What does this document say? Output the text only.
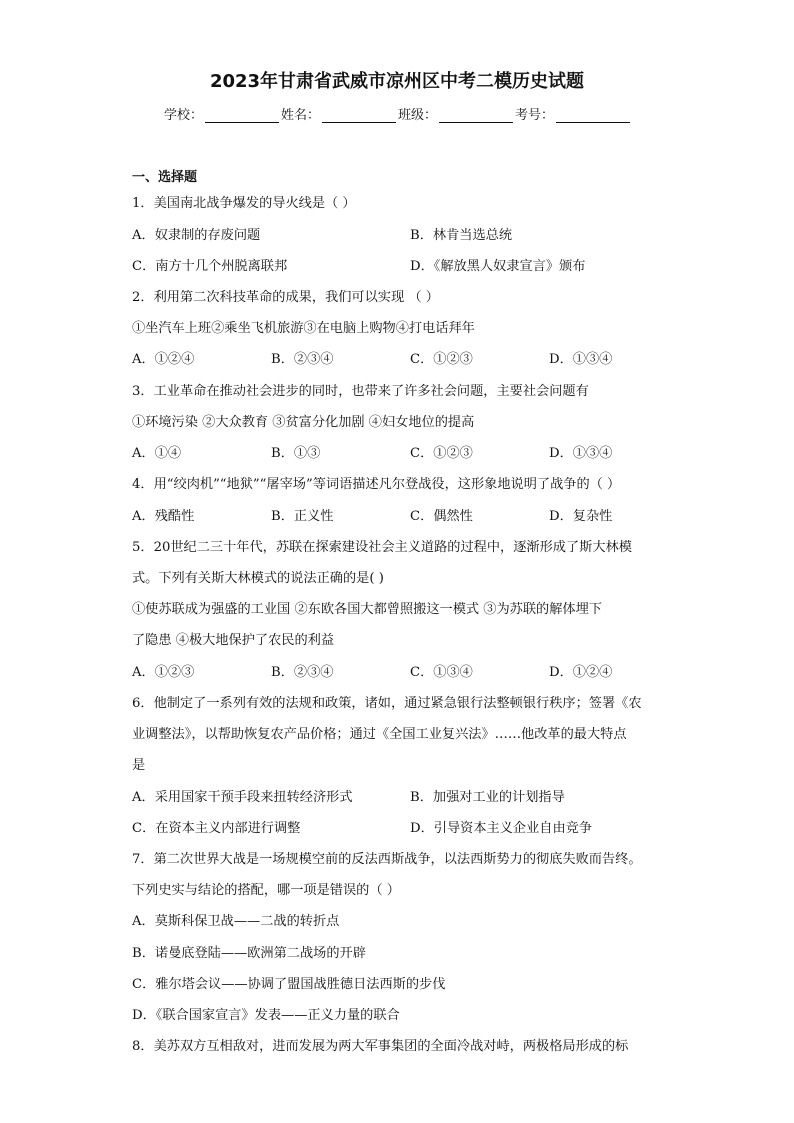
2023年甘肃省武威市凉州区中考二模历史试题
学校：	姓名：	班级：	考号：
一、选择题
1．美国南北战争爆发的导火线是（ ）
A．奴隶制的存废问题	B．林肯当选总统
C．南方十几个州脱离联邦	D．《解放黑人奴隶宣言》颁布
2．利用第二次科技革命的成果，我们可以实现 （ ）
①坐汽车上班②乘坐飞机旅游③在电脑上购物④打电话拜年
A．①②④	B．②③④	C．①②③	D．①③④
3．工业革命在推动社会进步的同时，也带来了许多社会问题，主要社会问题有
①环境污染 ②大众教育 ③贫富分化加剧 ④妇女地位的提高
A．①④	B．①③	C．①②③	D．①③④
4．用“绞肉机”“地狱”“屠宰场”等词语描述凡尔登战役，这形象地说明了战争的（ ）
A．残酷性	B．正义性	C．偶然性	D．复杂性
5．20世纪二三十年代，苏联在探索建设社会主义道路的过程中，逐渐形成了斯大林模
式。下列有关斯大林模式的说法正确的是( )
①使苏联成为强盛的工业国 ②东欧各国大都曾照搬这一模式 ③为苏联的解体埋下
了隐患 ④极大地保护了农民的利益
A．①②③	B．②③④	C．①③④	D．①②④
6．他制定了一系列有效的法规和政策，诸如，通过紧急银行法整顿银行秩序；签署《农
业调整法》，以帮助恢复农产品价格；通过《全国工业复兴法》……他改革的最大特点
是
A．采用国家干预手段来扭转经济形式	B．加强对工业的计划指导
C．在资本主义内部进行调整	D．引导资本主义企业自由竞争
7．第二次世界大战是一场规模空前的反法西斯战争，以法西斯势力的彻底失败而告终。
下列史实与结论的搭配，哪一项是错误的（ ）
A．莫斯科保卫战——二战的转折点
B．诺曼底登陆——欧洲第二战场的开辟
C．雅尔塔会议——协调了盟国战胜德日法西斯的步伐
D．《联合国家宣言》发表——正义力量的联合
8．美苏双方互相敌对，进而发展为两大军事集团的全面冷战对峙，两极格局形成的标
